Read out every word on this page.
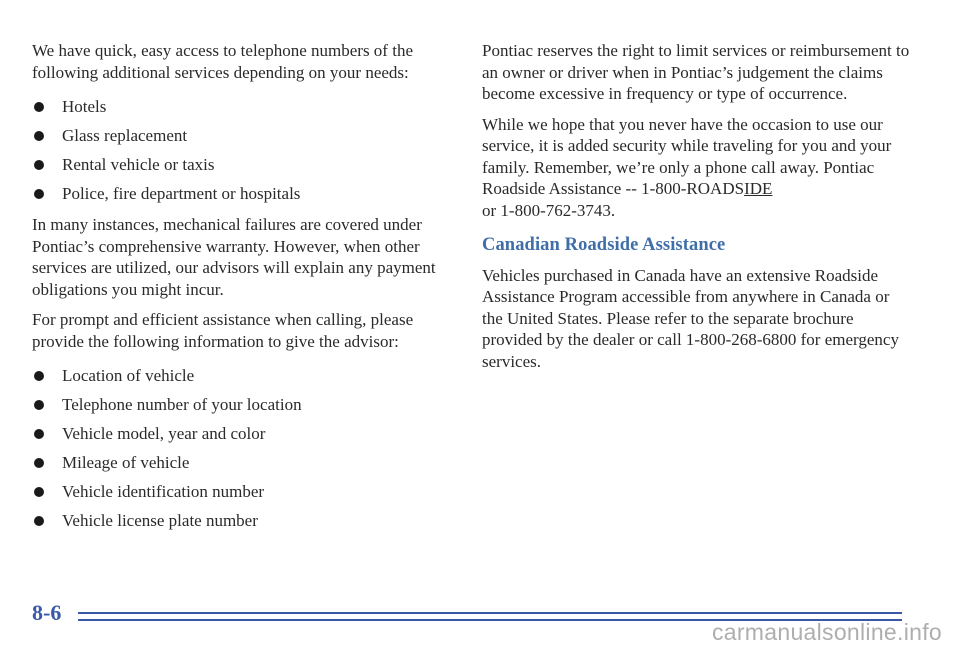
We have quick, easy access to telephone numbers of the following additional services depending on your needs:

Hotels
Glass replacement
Rental vehicle or taxis
Police, fire department or hospitals

In many instances, mechanical failures are covered under Pontiac’s comprehensive warranty. However, when other services are utilized, our advisors will explain any payment obligations you might incur.

For prompt and efficient assistance when calling, please provide the following information to give the advisor:

Location of vehicle
Telephone number of your location
Vehicle model, year and color
Mileage of vehicle
Vehicle identification number
Vehicle license plate number

Pontiac reserves the right to limit services or reimbursement to an owner or driver when in Pontiac’s judgement the claims become excessive in frequency or type of occurrence.

While we hope that you never have the occasion to use our service, it is added security while traveling for you and your family. Remember, we’re only a phone call away. Pontiac Roadside Assistance -- 1-800-ROADSIDE
or 1-800-762-3743.

Canadian Roadside Assistance

Vehicles purchased in Canada have an extensive Roadside Assistance Program accessible from anywhere in Canada or the United States. Please refer to the separate brochure provided by the dealer or call 1-800-268-6800 for emergency services.

8-6
carmanualsonline.info
